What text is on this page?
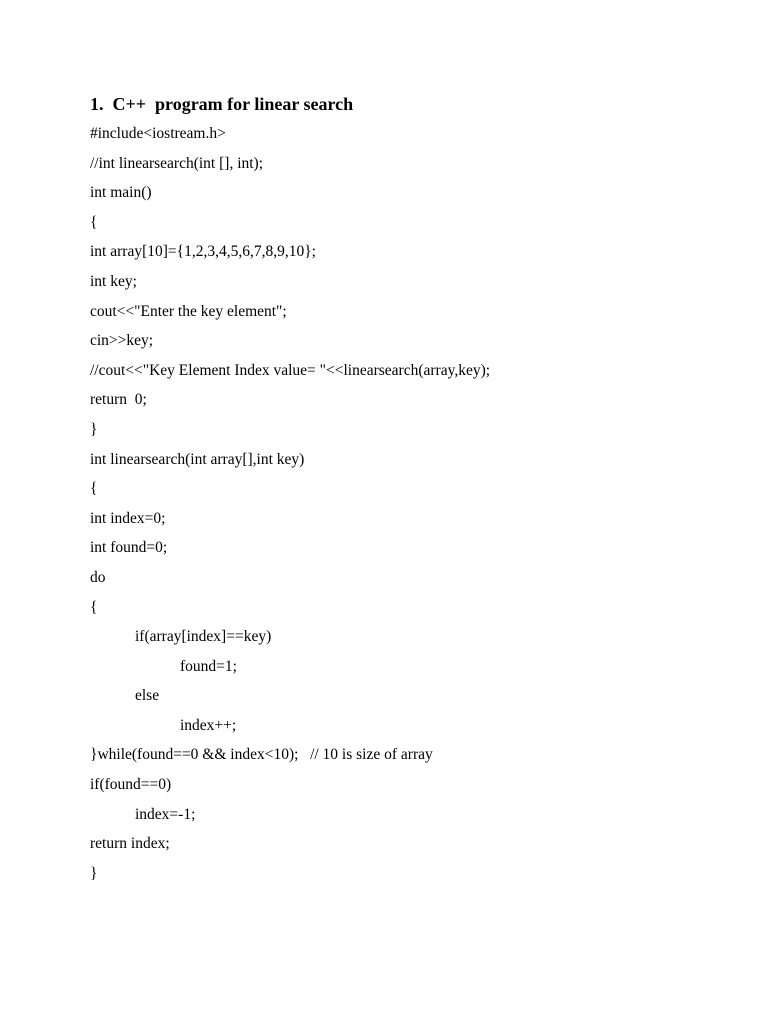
1.  C++  program for linear search
#include<iostream.h>
//int linearsearch(int [], int);
int main()
{
int array[10]={1,2,3,4,5,6,7,8,9,10};
int key;
cout<<"Enter the key element";
cin>>key;
//cout<<"Key Element Index value= "<<linearsearch(array,key);
return  0;
}
int linearsearch(int array[],int key)
{
int index=0;
int found=0;
do
{
if(array[index]==key)
found=1;
else
index++;
}while(found==0 && index<10);   // 10 is size of array
if(found==0)
index=-1;
return index;
}
